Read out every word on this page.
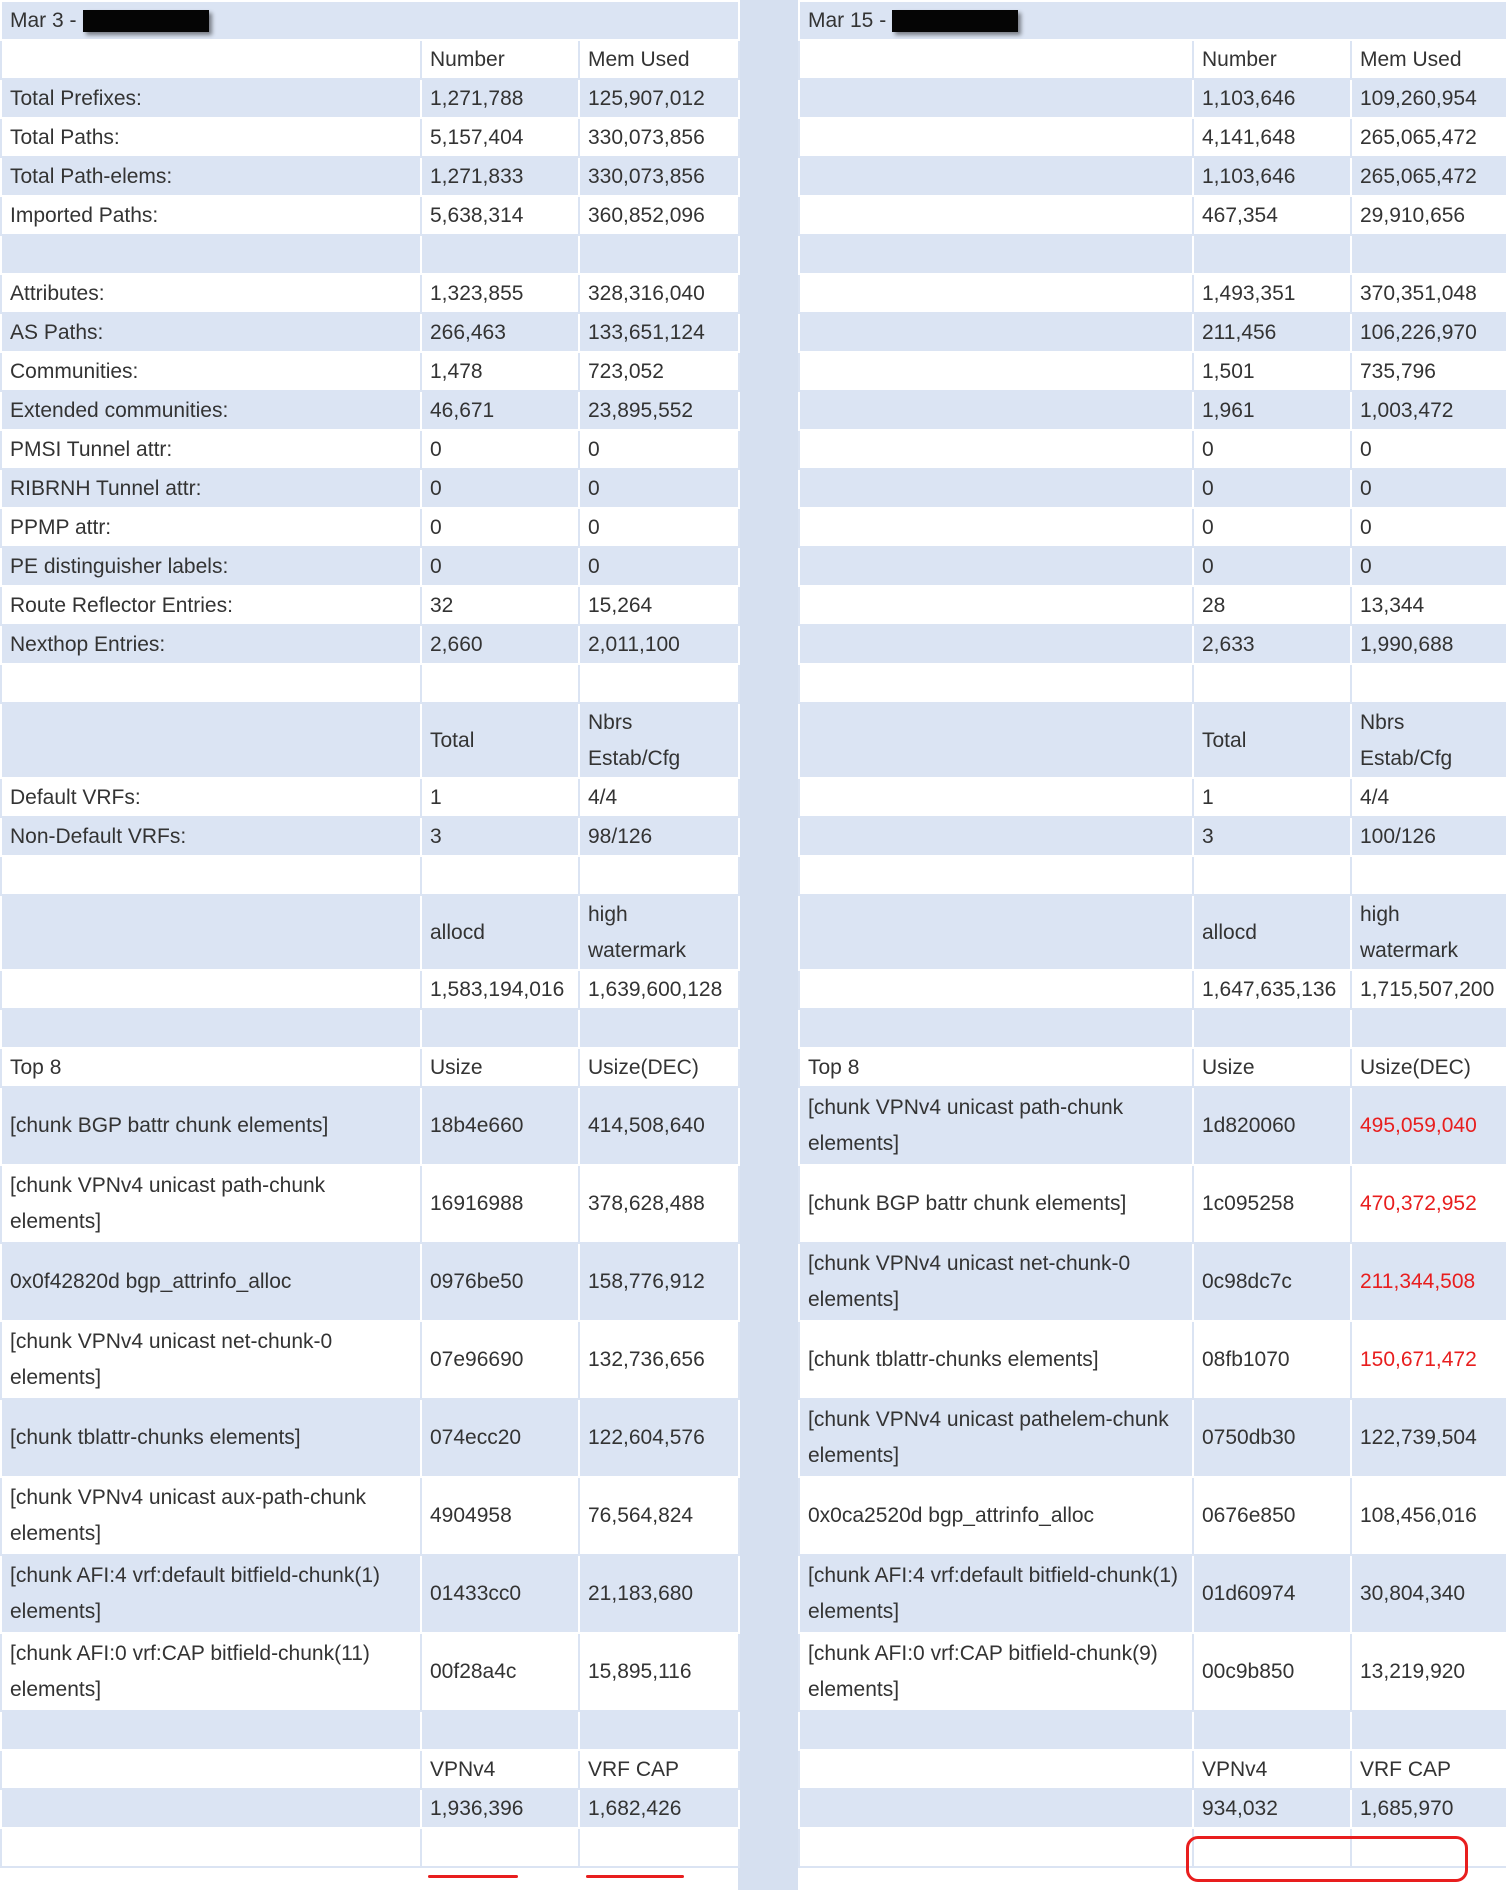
Mar 3 -		
	Number	Mem Used
Total Prefixes:	1,271,788	125,907,012
Total Paths:	5,157,404	330,073,856
Total Path-elems:	1,271,833	330,073,856
Imported Paths:	5,638,314	360,852,096

Attributes:	1,323,855	328,316,040
AS Paths:	266,463	133,651,124
Communities:	1,478	723,052
Extended communities:	46,671	23,895,552
PMSI Tunnel attr:	0	0
RIBRNH Tunnel attr:	0	0
PPMP attr:	0	0
PE distinguisher labels:	0	0
Route Reflector Entries:	32	15,264
Nexthop Entries:	2,660	2,011,100

	Total	Nbrs
Estab/Cfg
Default VRFs:	1	4/4
Non-Default VRFs:	3	98/126

	allocd	high
watermark
	1,583,194,016	1,639,600,128

Top 8	Usize	Usize(DEC)
[chunk BGP battr chunk elements]	18b4e660	414,508,640
[chunk VPNv4 unicast path-chunk elements]	16916988	378,628,488
0x0f42820d bgp_attrinfo_alloc	0976be50	158,776,912
[chunk VPNv4 unicast net-chunk-0 elements]	07e96690	132,736,656
[chunk tblattr-chunks elements]	074ecc20	122,604,576
[chunk VPNv4 unicast aux-path-chunk elements]	4904958	76,564,824
[chunk AFI:4 vrf:default bitfield-chunk(1) elements]	01433cc0	21,183,680
[chunk AFI:0 vrf:CAP bitfield-chunk(11) elements]	00f28a4c	15,895,116

	VPNv4	VRF CAP
	1,936,396	1,682,426

Mar 15 -		
	Number	Mem Used
	1,103,646	109,260,954
	4,141,648	265,065,472
	1,103,646	265,065,472
	467,354	29,910,656

	1,493,351	370,351,048
	211,456	106,226,970
	1,501	735,796
	1,961	1,003,472
	0	0
	0	0
	0	0
	0	0
	28	13,344
	2,633	1,990,688

	Total	Nbrs
Estab/Cfg
	1	4/4
	3	100/126

	allocd	high
watermark
	1,647,635,136	1,715,507,200

Top 8	Usize	Usize(DEC)
[chunk VPNv4 unicast path-chunk elements]	1d820060	495,059,040
[chunk BGP battr chunk elements]	1c095258	470,372,952
[chunk VPNv4 unicast net-chunk-0 elements]	0c98dc7c	211,344,508
[chunk tblattr-chunks elements]	08fb1070	150,671,472
[chunk VPNv4 unicast pathelem-chunk elements]	0750db30	122,739,504
0x0ca2520d bgp_attrinfo_alloc	0676e850	108,456,016
[chunk AFI:4 vrf:default bitfield-chunk(1) elements]	01d60974	30,804,340
[chunk AFI:0 vrf:CAP bitfield-chunk(9) elements]	00c9b850	13,219,920

	VPNv4	VRF CAP
	934,032	1,685,970
